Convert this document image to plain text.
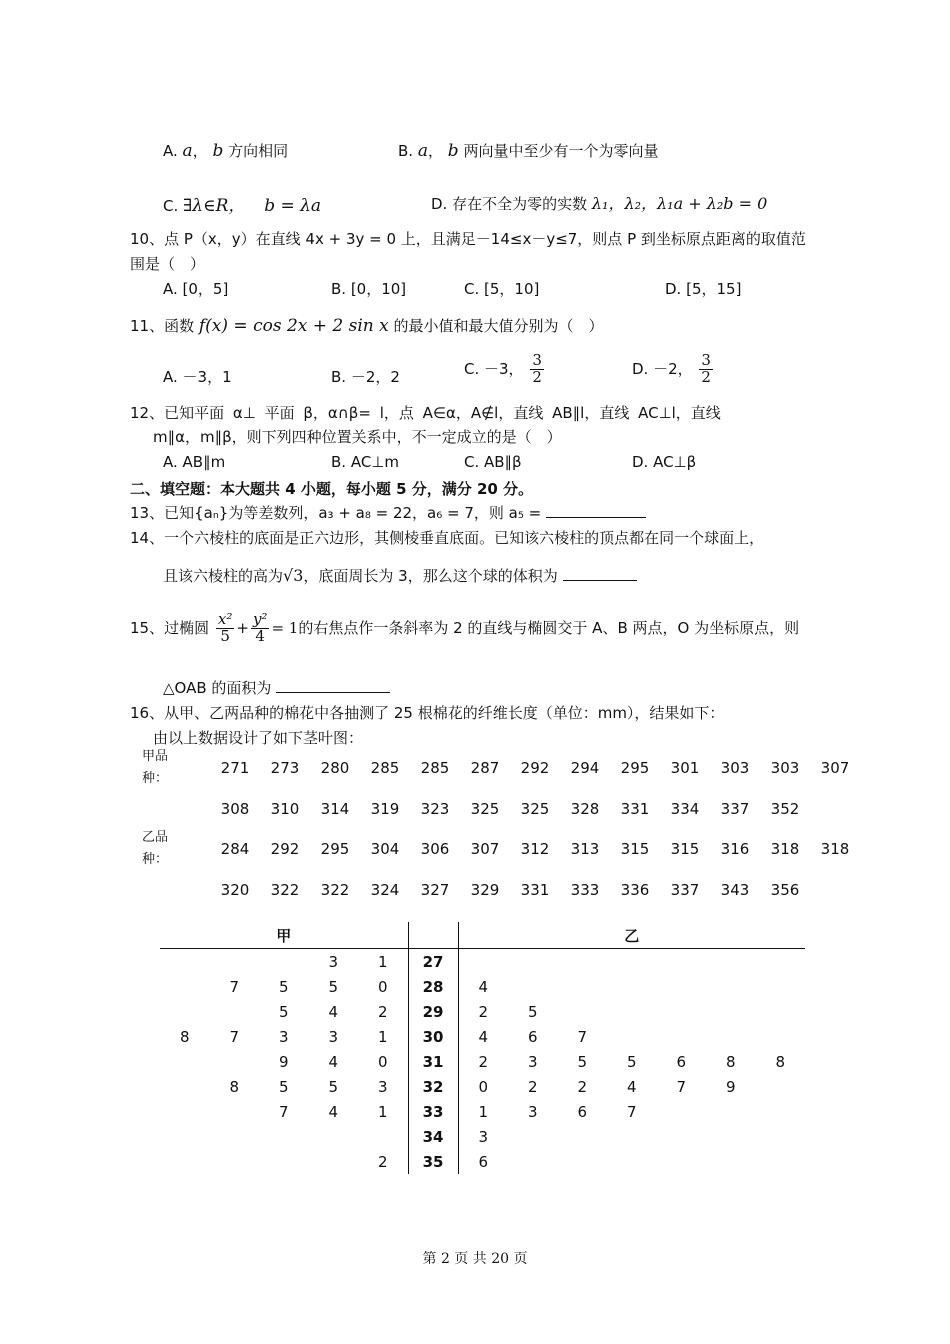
A. a， b 方向相同	B. a， b 两向量中至少有一个为零向量
C. ∃λ∈R， b = λa	D. 存在不全为零的实数 λ₁，λ₂，λ₁a + λ₂b = 0
10、点 P（x，y）在直线 4x + 3y = 0 上，且满足－14≤x－y≤7，则点 P 到坐标原点距离的取值范
围是（　）
A. [0，5]	B. [0，10]	C. [5，10]	D. [5，15]
11、函数 f(x) = cos 2x + 2 sin x 的最小值和最大值分别为（　）
A. －3，1	B. －2，2	C. －3， $\frac{3}{2}$	D. －2， $\frac{3}{2}$
12、已知平面 α⊥ 平面 β，α∩β= l，点 A∈α，A∉l，直线 AB∥l，直线 AC⊥l，直线
m∥α，m∥β，则下列四种位置关系中，不一定成立的是（　）
A. AB∥m	B. AC⊥m	C. AB∥β	D. AC⊥β
二、填空题：本大题共 4 小题，每小题 5 分，满分 20 分。
13、已知{aₙ}为等差数列，a₃ + a₈ = 22，a₆ = 7，则 a₅ =
14、一个六棱柱的底面是正六边形，其侧棱垂直底面。已知该六棱柱的顶点都在同一个球面上，
且该六棱柱的高为√3，底面周长为 3，那么这个球的体积为
15、过椭圆 $\frac{\text{x²}}{5} + \frac{\text{y²}}{4} = 1$的右焦点作一条斜率为 2 的直线与椭圆交于 A、B 两点，O 为坐标原点，则
△OAB 的面积为
16、从甲、乙两品种的棉花中各抽测了 25 根棉花的纤维长度（单位：mm），结果如下：
由以上数据设计了如下茎叶图：
甲品
种：	271	273	280	285	285	287	292	294	295	301	303	303	307
	308	310	314	319	323	325	325	328	331	334	337	352	
乙品
种：	284	292	295	304	306	307	312	313	315	315	316	318	318
	320	322	322	324	327	329	331	333	336	337	343	356	
甲						乙						
			3	1	27							
	7	5	5	0	28	4						
		5	4	2	29	2	5					
8	7	3	3	1	30	4	6	7				
		9	4	0	31	2	3	5	5	6	8	8
	8	5	5	3	32	0	2	2	4	7	9	
		7	4	1	33	1	3	6	7			
					34	3						
				2	35	6						
第 2 页 共 20 页
